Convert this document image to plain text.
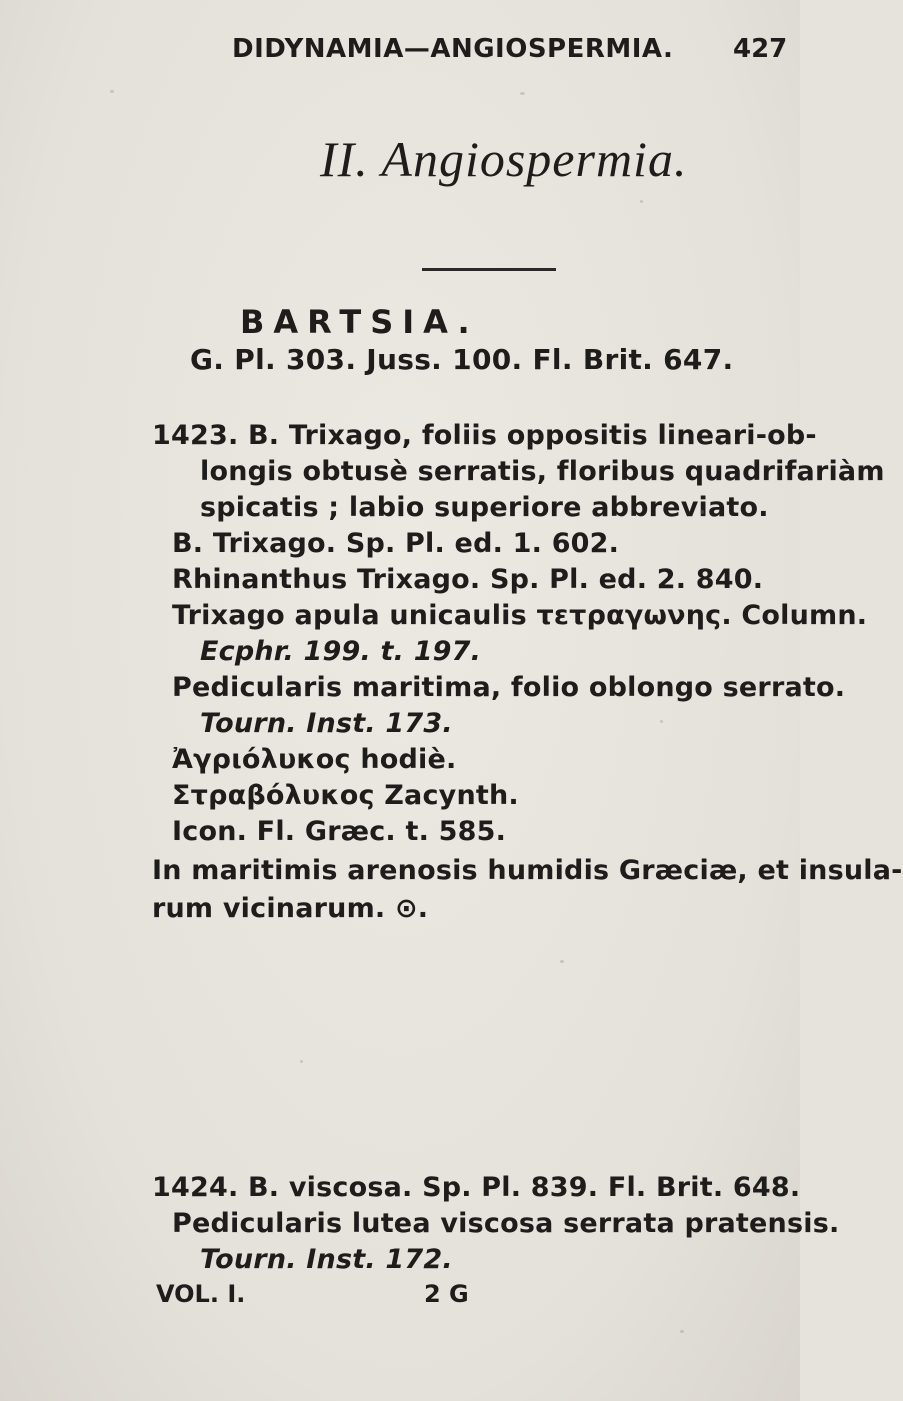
DIDYNAMIA—ANGIOSPERMIA. 427
II. Angiospermia.
BARTSIA.
G. Pl. 303. Juss. 100. Fl. Brit. 647.
1423. B. Trixago, foliis oppositis lineari-ob-
longis obtusè serratis, floribus quadrifariàm
spicatis ; labio superiore abbreviato.
B. Trixago. Sp. Pl. ed. 1. 602.
Rhinanthus Trixago. Sp. Pl. ed. 2. 840.
Trixago apula unicaulis τετραγωνης. Column.
Ecphr. 199. t. 197.
Pedicularis maritima, folio oblongo serrato.
Tourn. Inst. 173.
Ἀγριόλυκος hodiè.
Στραβόλυκος Zacynth.
Icon. Fl. Græc. t. 585.
In maritimis arenosis humidis Græciæ, et insula-
rum vicinarum. ⊙.
1424. B. viscosa. Sp. Pl. 839. Fl. Brit. 648.
Pedicularis lutea viscosa serrata pratensis.
Tourn. Inst. 172.
VOL. I.	2 G
